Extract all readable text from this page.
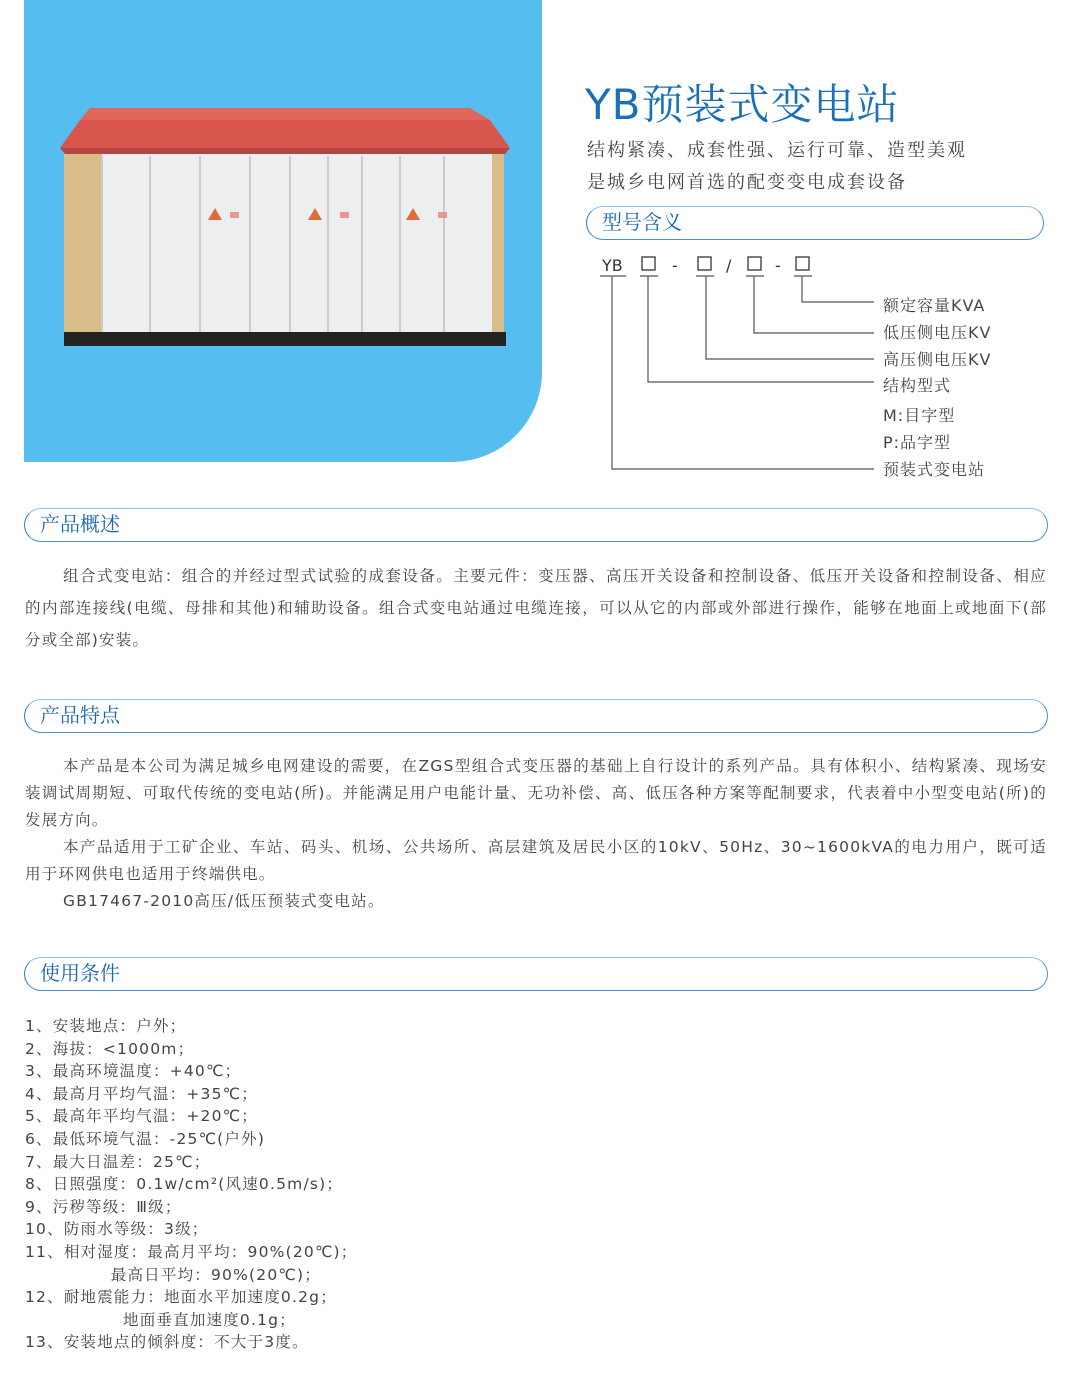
YB预装式变电站
结构紧凑、成套性强、运行可靠、造型美观
是城乡电网首选的配变变电成套设备
型号含义
YB	-	/	-
额定容量KVA
低压侧电压KV
高压侧电压KV
结构型式
M:目字型
P:品字型
预装式变电站
产品概述

组合式变电站：组合的并经过型式试验的成套设备。主要元件：变压器、高压开关设备和控制设备、低压开关设备和控制设备、相应的内部连接线(电缆、母排和其他)和辅助设备。组合式变电站通过电缆连接，可以从它的内部或外部进行操作，能够在地面上或地面下(部分或全部)安装。

产品特点

本产品是本公司为满足城乡电网建设的需要，在ZGS型组合式变压器的基础上自行设计的系列产品。具有体积小、结构紧凑、现场安装调试周期短、可取代传统的变电站(所)。并能满足用户电能计量、无功补偿、高、低压各种方案等配制要求，代表着中小型变电站(所)的发展方向。

本产品适用于工矿企业、车站、码头、机场、公共场所、高层建筑及居民小区的10kV、50Hz、30~1600kVA的电力用户，既可适用于环网供电也适用于终端供电。

GB17467-2010高压/低压预装式变电站。

使用条件
1、安装地点：户外；
2、海拔：<1000m；
3、最高环境温度：+40℃；
4、最高月平均气温：+35℃；
5、最高年平均气温：+20℃；
6、最低环境气温：-25℃(户外)
7、最大日温差：25℃；
8、日照强度：0.1w/cm²(风速0.5m/s)；
9、污秽等级：Ⅲ级；
10、防雨水等级：3级；
11、相对湿度：最高月平均：90%(20℃)；
最高日平均：90%(20℃)；
12、耐地震能力：地面水平加速度0.2g；
地面垂直加速度0.1g；
13、安装地点的倾斜度：不大于3度。
